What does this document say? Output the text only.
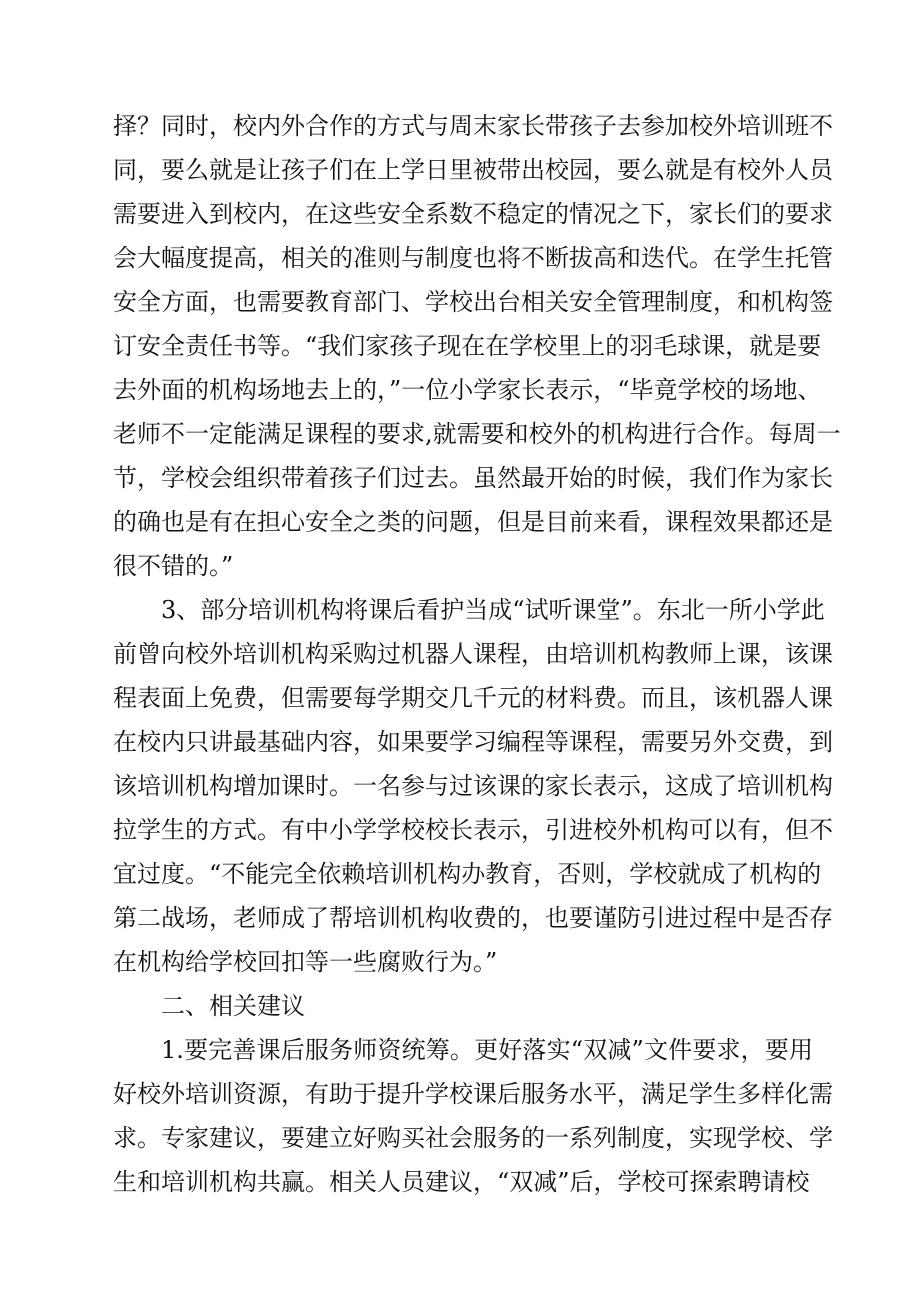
择？同时，校内外合作的方式与周末家长带孩子去参加校外培训班不
同，要么就是让孩子们在上学日里被带出校园，要么就是有校外人员
需要进入到校内，在这些安全系数不稳定的情况之下，家长们的要求
会大幅度提高，相关的准则与制度也将不断拔高和迭代。在学生托管
安全方面，也需要教育部门、学校出台相关安全管理制度，和机构签
订安全责任书等。“我们家孩子现在在学校里上的羽毛球课，就是要
去外面的机构场地去上的，”一位小学家长表示，“毕竟学校的场地、
老师不一定能满足课程的要求,就需要和校外的机构进行合作。每周一
节，学校会组织带着孩子们过去。虽然最开始的时候，我们作为家长
的确也是有在担心安全之类的问题，但是目前来看，课程效果都还是
很不错的。”
3、部分培训机构将课后看护当成“试听课堂”。东北一所小学此
前曾向校外培训机构采购过机器人课程，由培训机构教师上课，该课
程表面上免费，但需要每学期交几千元的材料费。而且，该机器人课
在校内只讲最基础内容，如果要学习编程等课程，需要另外交费，到
该培训机构增加课时。一名参与过该课的家长表示，这成了培训机构
拉学生的方式。有中小学学校校长表示，引进校外机构可以有，但不
宜过度。“不能完全依赖培训机构办教育，否则，学校就成了机构的
第二战场，老师成了帮培训机构收费的，也要谨防引进过程中是否存
在机构给学校回扣等一些腐败行为。”
二、相关建议
1.要完善课后服务师资统筹。更好落实“双减”文件要求，要用
好校外培训资源，有助于提升学校课后服务水平，满足学生多样化需
求。专家建议，要建立好购买社会服务的一系列制度，实现学校、学
生和培训机构共赢。相关人员建议，“双减”后，学校可探索聘请校
